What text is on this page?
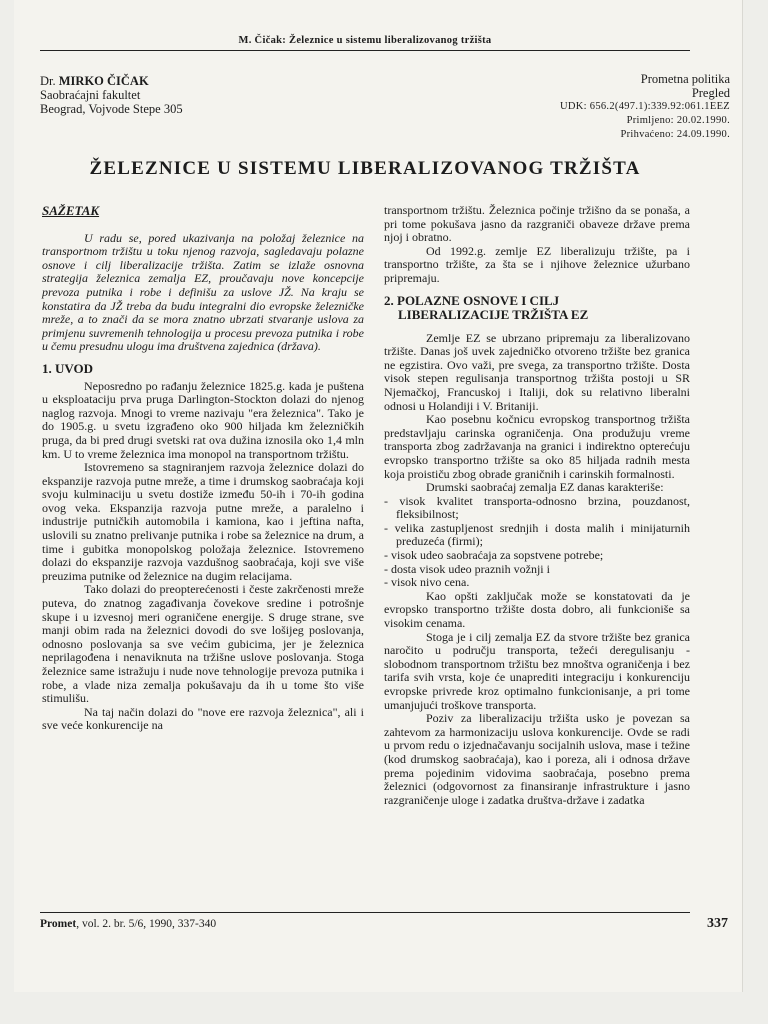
M. Čičak: Železnice u sistemu liberalizovanog tržišta
Dr. MIRKO ČIČAK
Saobraćajni fakultet
Beograd, Vojvode Stepe 305
Prometna politika
Pregled
UDK: 656.2(497.1):339.92:061.1EEZ
Primljeno: 20.02.1990.
Prihvaćeno: 24.09.1990.
ŽELEZNICE U SISTEMU LIBERALIZOVANOG TRŽIŠTA

SAŽETAK

U radu se, pored ukazivanja na položaj železnice na transportnom tržištu u toku njenog razvoja, sagledavaju polazne osnove i cilj liberalizacije tržišta. Zatim se izlaže osnovna strategija železnica zemalja EZ, proučavaju nove koncepcije prevoza putnika i robe i definišu za uslove JŽ. Na kraju se konstatira da JŽ treba da budu integralni dio evropske železničke mreže, a to znači da se mora znatno ubrzati stvaranje uslova za primjenu suvremenih tehnologija u procesu prevoza putnika i robe u čemu presudnu ulogu ima društvena zajednica (država).

1. UVOD

Neposredno po rađanju železnice 1825.g. kada je puštena u eksploataciju prva pruga Darlington-Stockton dolazi do njenog naglog razvoja. Mnogi to vreme nazivaju "era železnica". Tako je do 1905.g. u svetu izgrađeno oko 900 hiljada km železničkih pruga, da bi pred drugi svetski rat ova dužina iznosila oko 1,4 mln km. U to vreme železnica ima monopol na transportnom tržištu.

Istovremeno sa stagniranjem razvoja železnice dolazi do ekspanzije razvoja putne mreže, a time i drumskog saobraćaja koji svoju kulminaciju u svetu dostiže između 50-ih i 70-ih godina ovog veka. Ekspanzija razvoja putne mreže, a paralelno i industrije putničkih automobila i kamiona, kao i jeftina nafta, uslovili su znatno prelivanje putnika i robe sa železnice na drum, a time i gubitka monopolskog položaja železnice. Istovremeno dolazi do ekspanzije razvoja vazdušnog saobraćaja, koji sve više preuzima putnike od železnice na dugim relacijama.

Tako dolazi do preopterećenosti i česte zakrčenosti mreže puteva, do znatnog zagađivanja čovekove sredine i potrošnje skupe i u izvesnoj meri ograničene energije. S druge strane, sve manji obim rada na železnici dovodi do sve lošijeg poslovanja, odnosno poslovanja sa sve većim gubicima, jer je železnica neprilagođena i nenaviknuta na tržišne uslove poslovanja. Stoga železnice same istražuju i nude nove tehnologije prevoza putnika i robe, a vlade niza zemalja pokušavaju da ih u tome što više stimulišu.

Na taj način dolazi do "nove ere razvoja železnica", ali i sve veće konkurencije na

transportnom tržištu. Železnica počinje tržišno da se ponaša, a pri tome pokušava jasno da razgraniči obaveze države prema njoj i obratno.

Od 1992.g. zemlje EZ liberalizuju tržište, pa i transportno tržište, za šta se i njihove železnice užurbano pripremaju.

2. POLAZNE OSNOVE I CILJ
LIBERALIZACIJE TRŽIŠTA EZ

Zemlje EZ se ubrzano pripremaju za liberalizovano tržište. Danas još uvek zajedničko otvoreno tržište bez granica ne egzistira. Ovo važi, pre svega, za transportno tržište. Dosta visok stepen regulisanja transportnog tržišta postoji u SR Njemačkoj, Francuskoj i Italiji, dok su relativno liberalni odnosi u Holandiji i V. Britaniji.

Kao posebnu kočnicu evropskog transportnog tržišta predstavljaju carinska ograničenja. Ona produžuju vreme transporta zbog zadržavanja na granici i indirektno opterećuju evropsko transportno tržište sa oko 85 hiljada radnih mesta koja proističu zbog obrade graničnih i carinskih formalnosti.

Drumski saobraćaj zemalja EZ danas karakteriše:

- visok kvalitet transporta-odnosno brzina, pouzdanost, fleksibilnost;
- velika zastupljenost srednjih i dosta malih i minijaturnih preduzeća (firmi);
- visok udeo saobraćaja za sopstvene potrebe;
- dosta visok udeo praznih vožnji i
- visok nivo cena.

Kao opšti zaključak može se konstatovati da je evropsko transportno tržište dosta dobro, ali funkcioniše sa visokim cenama.

Stoga je i cilj zemalja EZ da stvore tržište bez granica naročito u području transporta, težeći deregulisanju -slobodnom transportnom tržištu bez mnoštva ograničenja i bez tarifa svih vrsta, koje će unaprediti integraciju i konkurenciju evropske privrede kroz optimalno funkcionisanje, a pri tome umanjujući troškove transporta.

Poziv za liberalizaciju tržišta usko je povezan sa zahtevom za harmonizaciju uslova konkurencije. Ovde se radi u prvom redu o izjednačavanju socijalnih uslova, mase i težine (kod drumskog saobraćaja), kao i poreza, ali i odnosa države prema pojedinim vidovima saobraćaja, posebno prema železnici (odgovornost za finansiranje infrastrukture i jasno razgraničenje uloge i zadatka društva-države i zadatka

Promet, vol. 2. br. 5/6, 1990, 337-340	337
